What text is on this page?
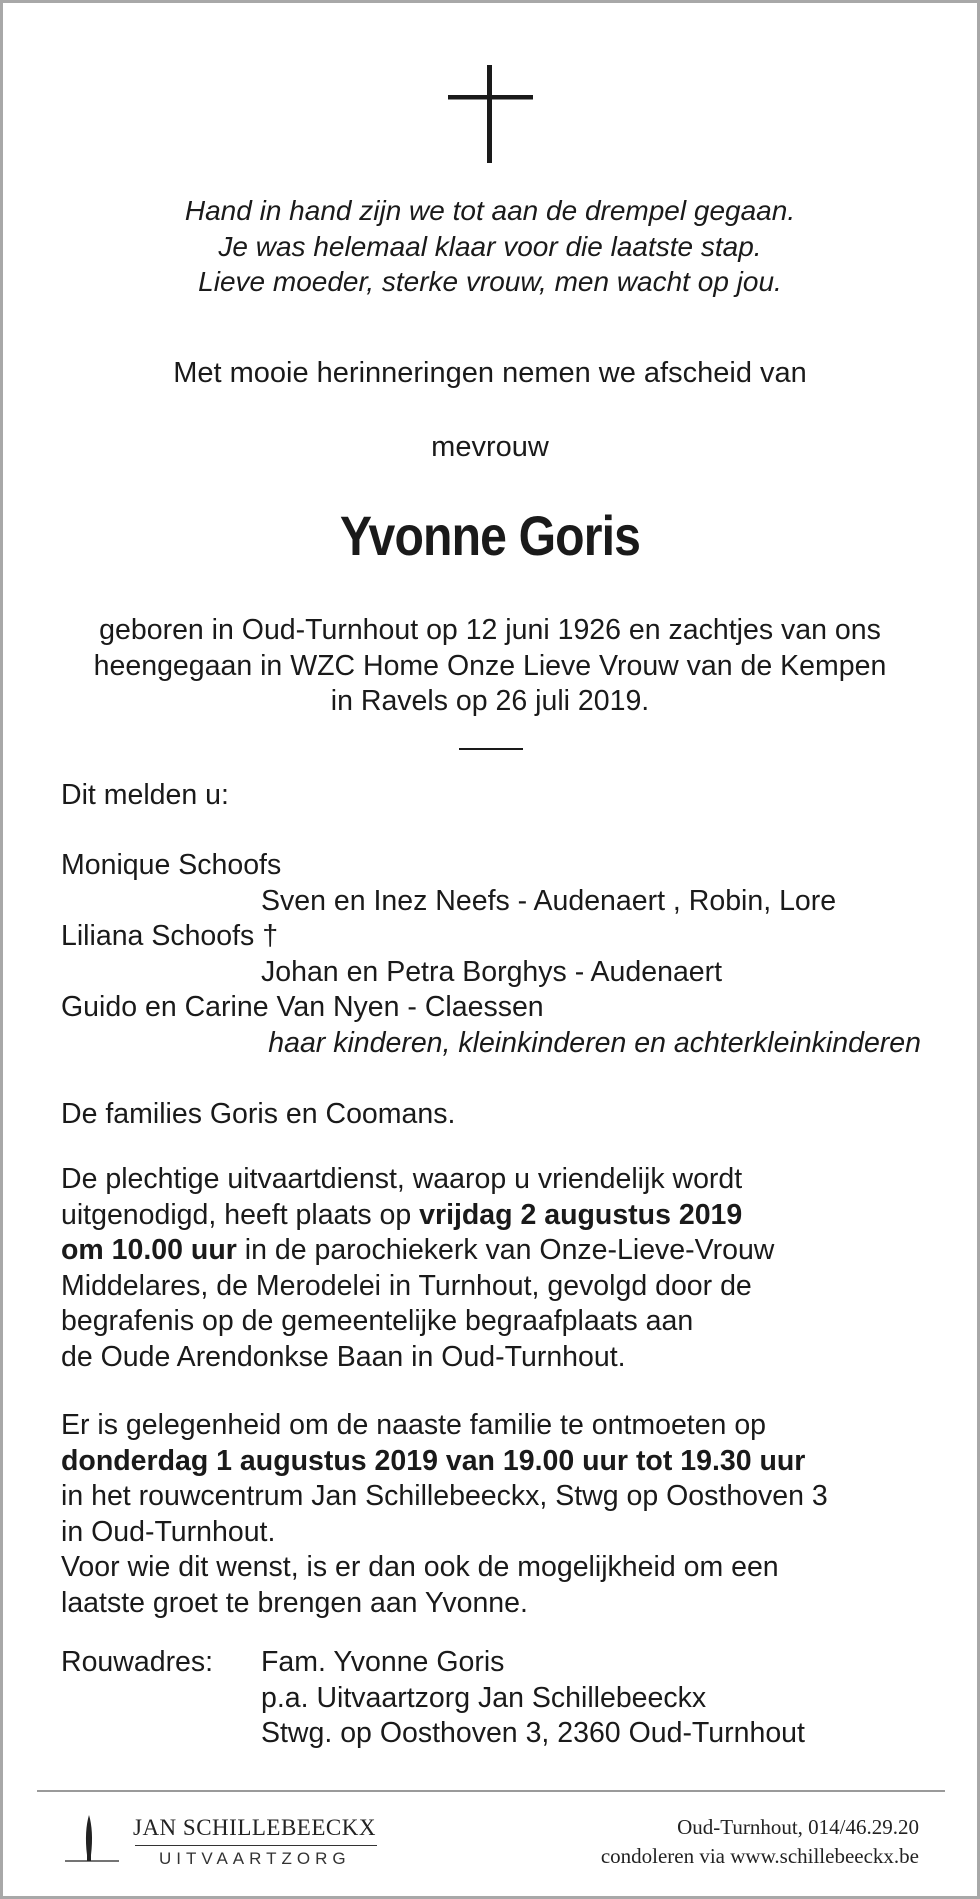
Hand in hand zijn we tot aan de drempel gegaan.
Je was helemaal klaar voor die laatste stap.
Lieve moeder, sterke vrouw, men wacht op jou.
Met mooie herinneringen nemen we afscheid van
mevrouw
Yvonne Goris
geboren in Oud-Turnhout op 12 juni 1926 en zachtjes van ons
heengegaan in WZC Home Onze Lieve Vrouw van de Kempen
in Ravels op 26 juli 2019.
Dit melden u:
Monique Schoofs
Sven en Inez Neefs - Audenaert , Robin, Lore
Liliana Schoofs †
Johan en Petra Borghys - Audenaert
Guido en Carine Van Nyen - Claessen
haar kinderen, kleinkinderen en achterkleinkinderen
De families Goris en Coomans.
De plechtige uitvaartdienst, waarop u vriendelijk wordt
uitgenodigd, heeft plaats op vrijdag 2 augustus 2019
om 10.00 uur in de parochiekerk van Onze-Lieve-Vrouw
Middelares, de Merodelei in Turnhout, gevolgd door de
begrafenis op de gemeentelijke begraafplaats aan
de Oude Arendonkse Baan in Oud-Turnhout.
Er is gelegenheid om de naaste familie te ontmoeten op
donderdag 1 augustus 2019 van 19.00 uur tot 19.30 uur
in het rouwcentrum Jan Schillebeeckx, Stwg op Oosthoven 3
in Oud-Turnhout.
Voor wie dit wenst, is er dan ook de mogelijkheid om een
laatste groet te brengen aan Yvonne.
Rouwadres:	Fam. Yvonne Goris
p.a. Uitvaartzorg Jan Schillebeeckx
Stwg. op Oosthoven 3, 2360 Oud-Turnhout
JAN SCHILLEBEECKX
UITVAARTZORG
Oud-Turnhout, 014/46.29.20
condoleren via www.schillebeeckx.be
